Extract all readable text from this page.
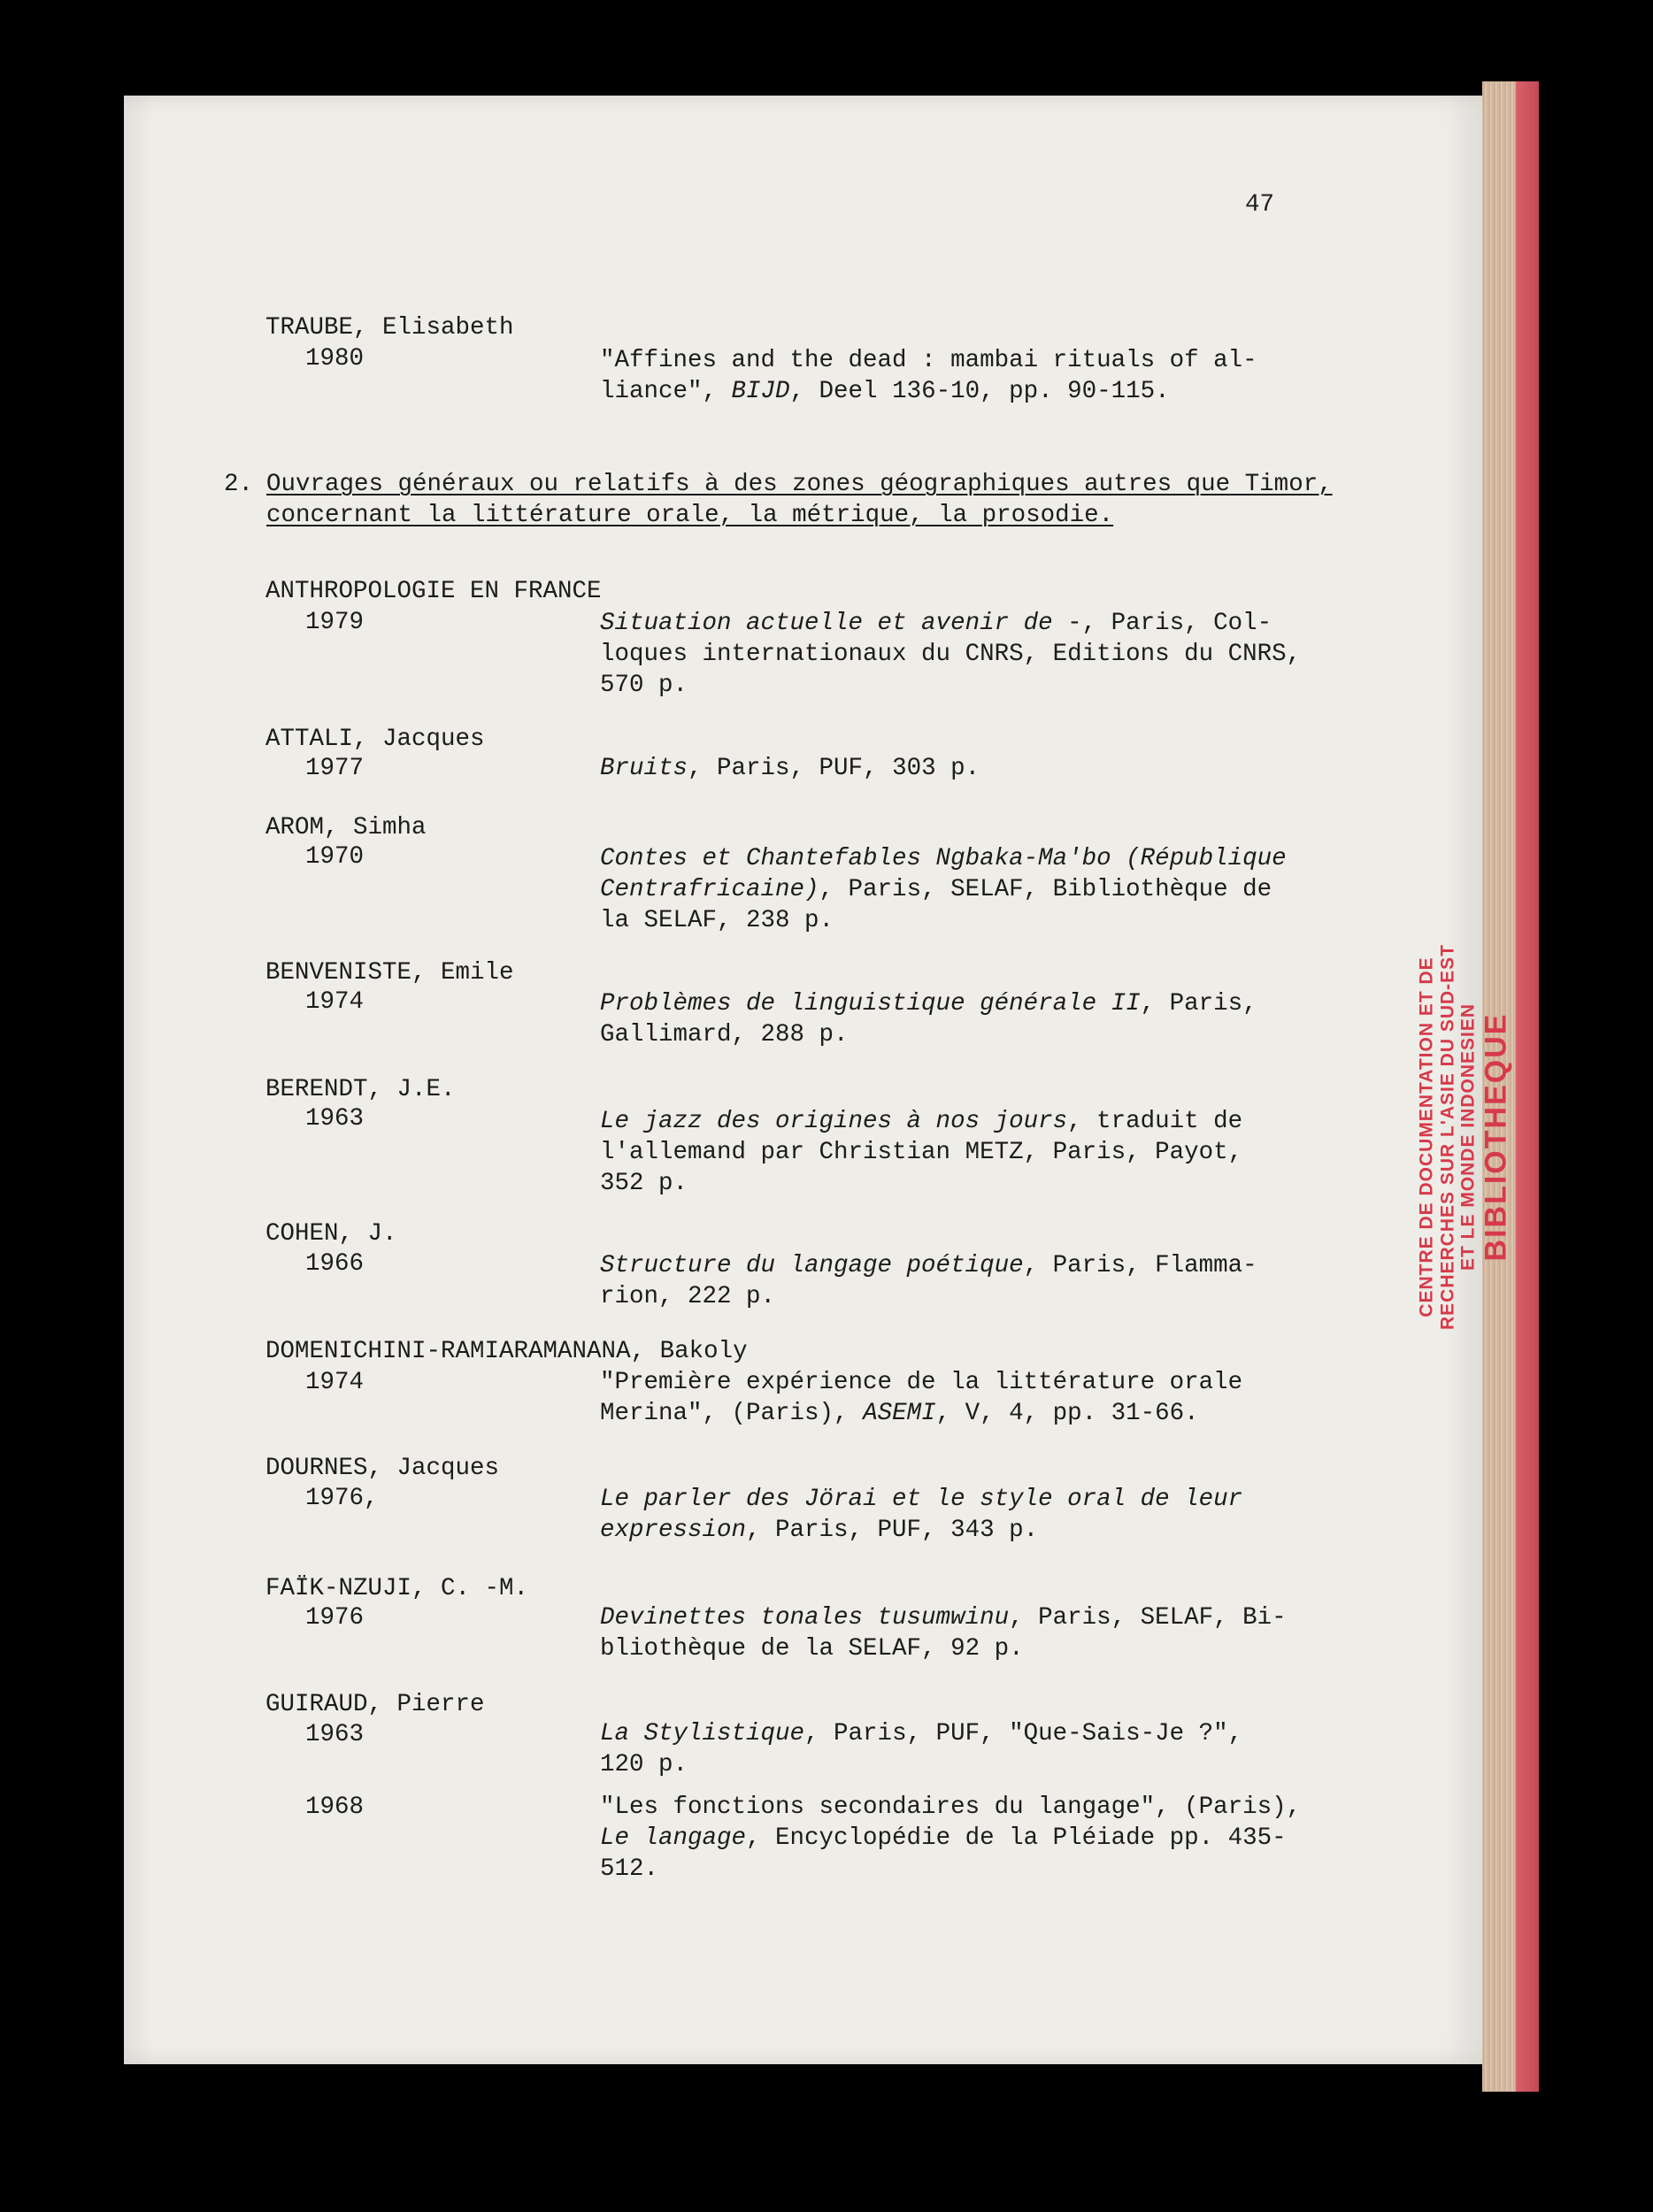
CENTRE DE DOCUMENTATION ET DE RECHERCHES SUR L'ASIE DU SUD-EST ET LE MONDE INDONESIEN BIBLIOTHEQUE
47
TRAUBE, Elisabeth
1980	"Affines and the dead : mambai rituals of al-
liance", BIJD, Deel 136-10, pp. 90-115.
2. Ouvrages généraux ou relatifs à des zones géographiques autres que Timor,

concernant la littérature orale, la métrique, la prosodie.
ANTHROPOLOGIE EN FRANCE
1979	Situation actuelle et avenir de -, Paris, Col-
loques internationaux du CNRS, Editions du CNRS,
570 p.
ATTALI, Jacques
1977	Bruits, Paris, PUF, 303 p.
AROM, Simha
1970	Contes et Chantefables Ngbaka-Ma'bo (République
Centrafricaine), Paris, SELAF, Bibliothèque de
la SELAF, 238 p.
BENVENISTE, Emile
1974	Problèmes de linguistique générale II, Paris,
Gallimard, 288 p.
BERENDT, J.E.
1963	Le jazz des origines à nos jours, traduit de
l'allemand par Christian METZ, Paris, Payot,
352 p.
COHEN, J.
1966	Structure du langage poétique, Paris, Flamma-
rion, 222 p.
DOMENICHINI-RAMIARAMANANA, Bakoly
1974	"Première expérience de la littérature orale
Merina", (Paris), ASEMI, V, 4, pp. 31-66.
DOURNES, Jacques
1976,	Le parler des Jörai et le style oral de leur
expression, Paris, PUF, 343 p.
FAÏK-NZUJI, C. -M.
1976	Devinettes tonales tusumwinu, Paris, SELAF, Bi-
bliothèque de la SELAF, 92 p.
GUIRAUD, Pierre
1963	La Stylistique, Paris, PUF, "Que-Sais-Je ?",
120 p.
1968	"Les fonctions secondaires du langage", (Paris),
Le langage, Encyclopédie de la Pléiade pp. 435-
512.
